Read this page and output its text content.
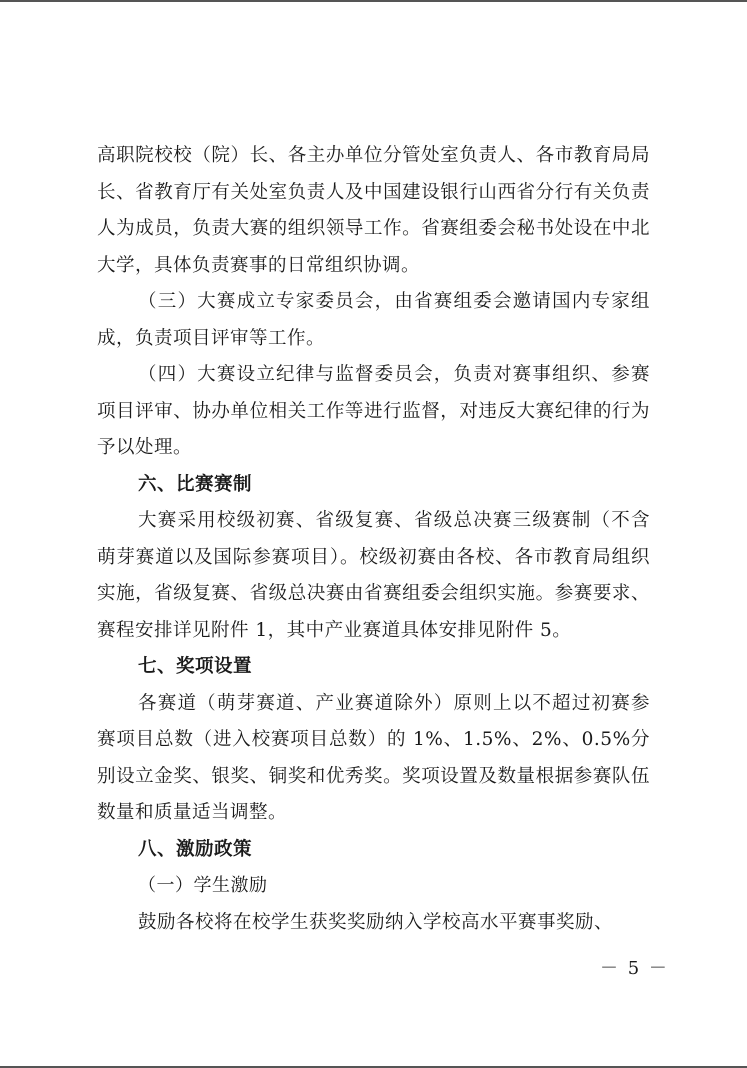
高职院校校（院）长、各主办单位分管处室负责人、各市教育局局长、省教育厅有关处室负责人及中国建设银行山西省分行有关负责人为成员，负责大赛的组织领导工作。省赛组委会秘书处设在中北大学，具体负责赛事的日常组织协调。

（三）大赛成立专家委员会，由省赛组委会邀请国内专家组成，负责项目评审等工作。

（四）大赛设立纪律与监督委员会，负责对赛事组织、参赛项目评审、协办单位相关工作等进行监督，对违反大赛纪律的行为予以处理。

六、比赛赛制

大赛采用校级初赛、省级复赛、省级总决赛三级赛制（不含萌芽赛道以及国际参赛项目）。校级初赛由各校、各市教育局组织实施，省级复赛、省级总决赛由省赛组委会组织实施。参赛要求、赛程安排详见附件 1，其中产业赛道具体安排见附件 5。

七、奖项设置

各赛道（萌芽赛道、产业赛道除外）原则上以不超过初赛参赛项目总数（进入校赛项目总数）的 1%、1.5%、2%、0.5%分别设立金奖、银奖、铜奖和优秀奖。奖项设置及数量根据参赛队伍数量和质量适当调整。

八、激励政策

（一）学生激励

鼓励各校将在校学生获奖奖励纳入学校高水平赛事奖励、

－ 5 －
